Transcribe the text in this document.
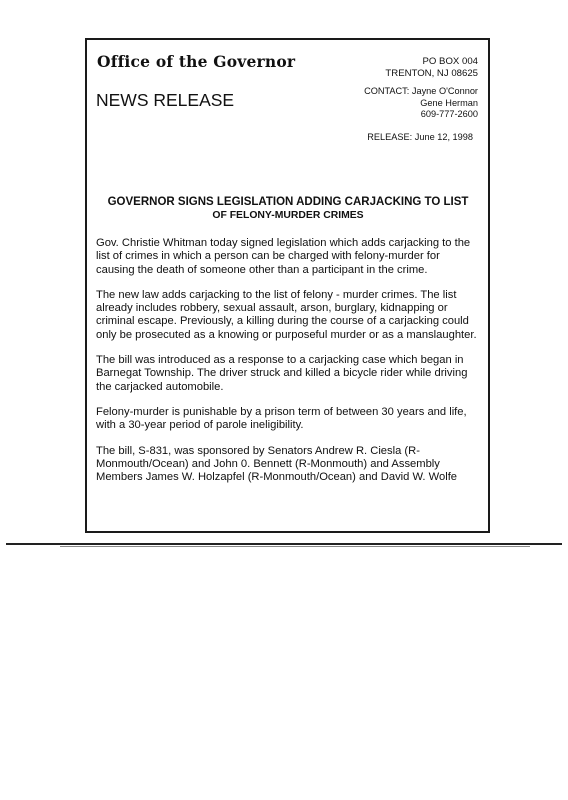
Office of the Governor
NEWS RELEASE
PO BOX 004
TRENTON, NJ 08625
CONTACT: Jayne O'Connor
Gene Herman
609-777-2600
RELEASE: June 12, 1998
GOVERNOR SIGNS LEGISLATION ADDING CARJACKING TO LIST
OF FELONY-MURDER CRIMES

Gov. Christie Whitman today signed legislation which adds carjacking to the list of crimes in which a person can be charged with felony-murder for causing the death of someone other than a participant in the crime.

The new law adds carjacking to the list of felony - murder crimes. The list already includes robbery, sexual assault, arson, burglary, kidnapping or criminal escape. Previously, a killing during the course of a carjacking could only be prosecuted as a knowing or purposeful murder or as a manslaughter.

The bill was introduced as a response to a carjacking case which began in Barnegat Township. The driver struck and killed a bicycle rider while driving the carjacked automobile.

Felony-murder is punishable by a prison term of between 30 years and life, with a 30-year period of parole ineligibility.

The bill, S-831, was sponsored by Senators Andrew R. Ciesla (R-Monmouth/Ocean) and John 0. Bennett (R-Monmouth) and Assembly Members James W. Holzapfel (R-Monmouth/Ocean) and David W. Wolfe
